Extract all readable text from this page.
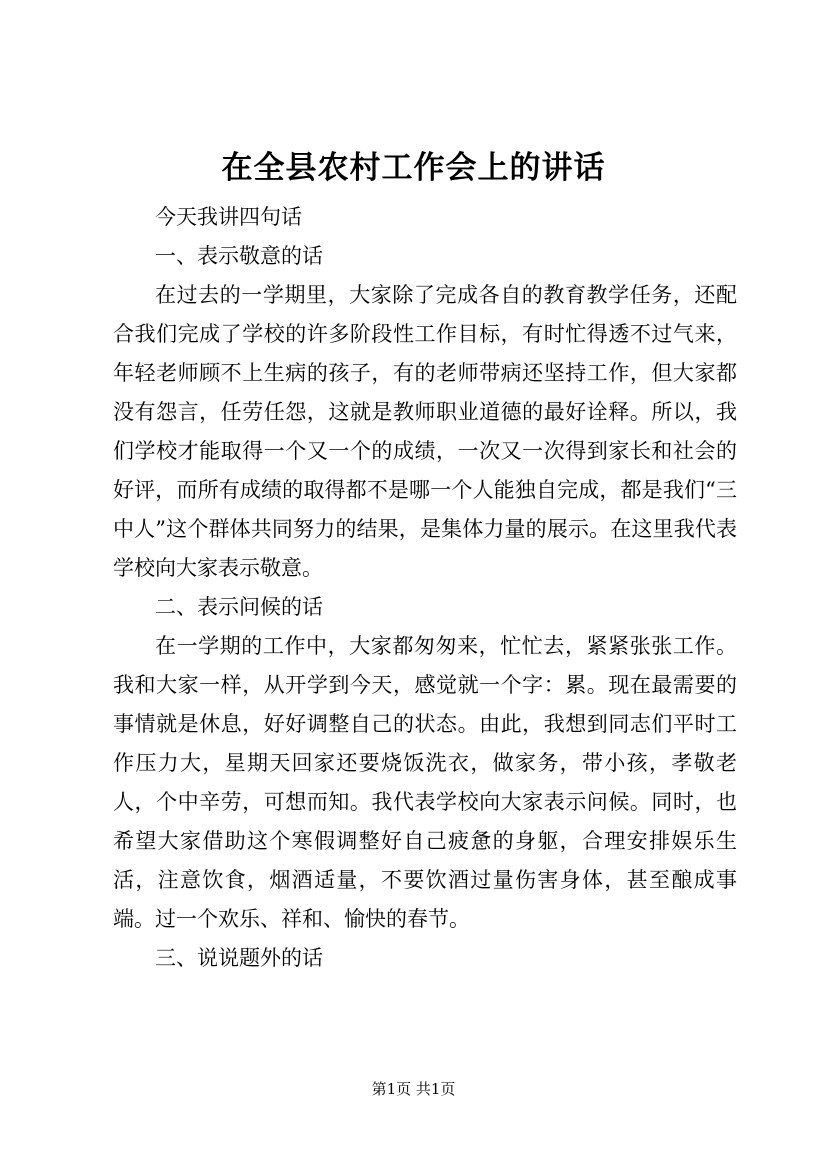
在全县农村工作会上的讲话

今天我讲四句话

一、表示敬意的话

在过去的一学期里，大家除了完成各自的教育教学任务，还配合我们完成了学校的许多阶段性工作目标，有时忙得透不过气来，年轻老师顾不上生病的孩子，有的老师带病还坚持工作，但大家都没有怨言，任劳任怨，这就是教师职业道德的最好诠释。所以，我们学校才能取得一个又一个的成绩，一次又一次得到家长和社会的好评，而所有成绩的取得都不是哪一个人能独自完成，都是我们“三中人”这个群体共同努力的结果，是集体力量的展示。在这里我代表学校向大家表示敬意。

二、表示问候的话

在一学期的工作中，大家都匆匆来，忙忙去，紧紧张张工作。我和大家一样，从开学到今天，感觉就一个字：累。现在最需要的事情就是休息，好好调整自己的状态。由此，我想到同志们平时工作压力大，星期天回家还要烧饭洗衣，做家务，带小孩，孝敬老人，个中辛劳，可想而知。我代表学校向大家表示问候。同时，也希望大家借助这个寒假调整好自己疲惫的身躯，合理安排娱乐生活，注意饮食，烟酒适量，不要饮酒过量伤害身体，甚至酿成事端。过一个欢乐、祥和、愉快的春节。

三、说说题外的话

第1页 共1页
